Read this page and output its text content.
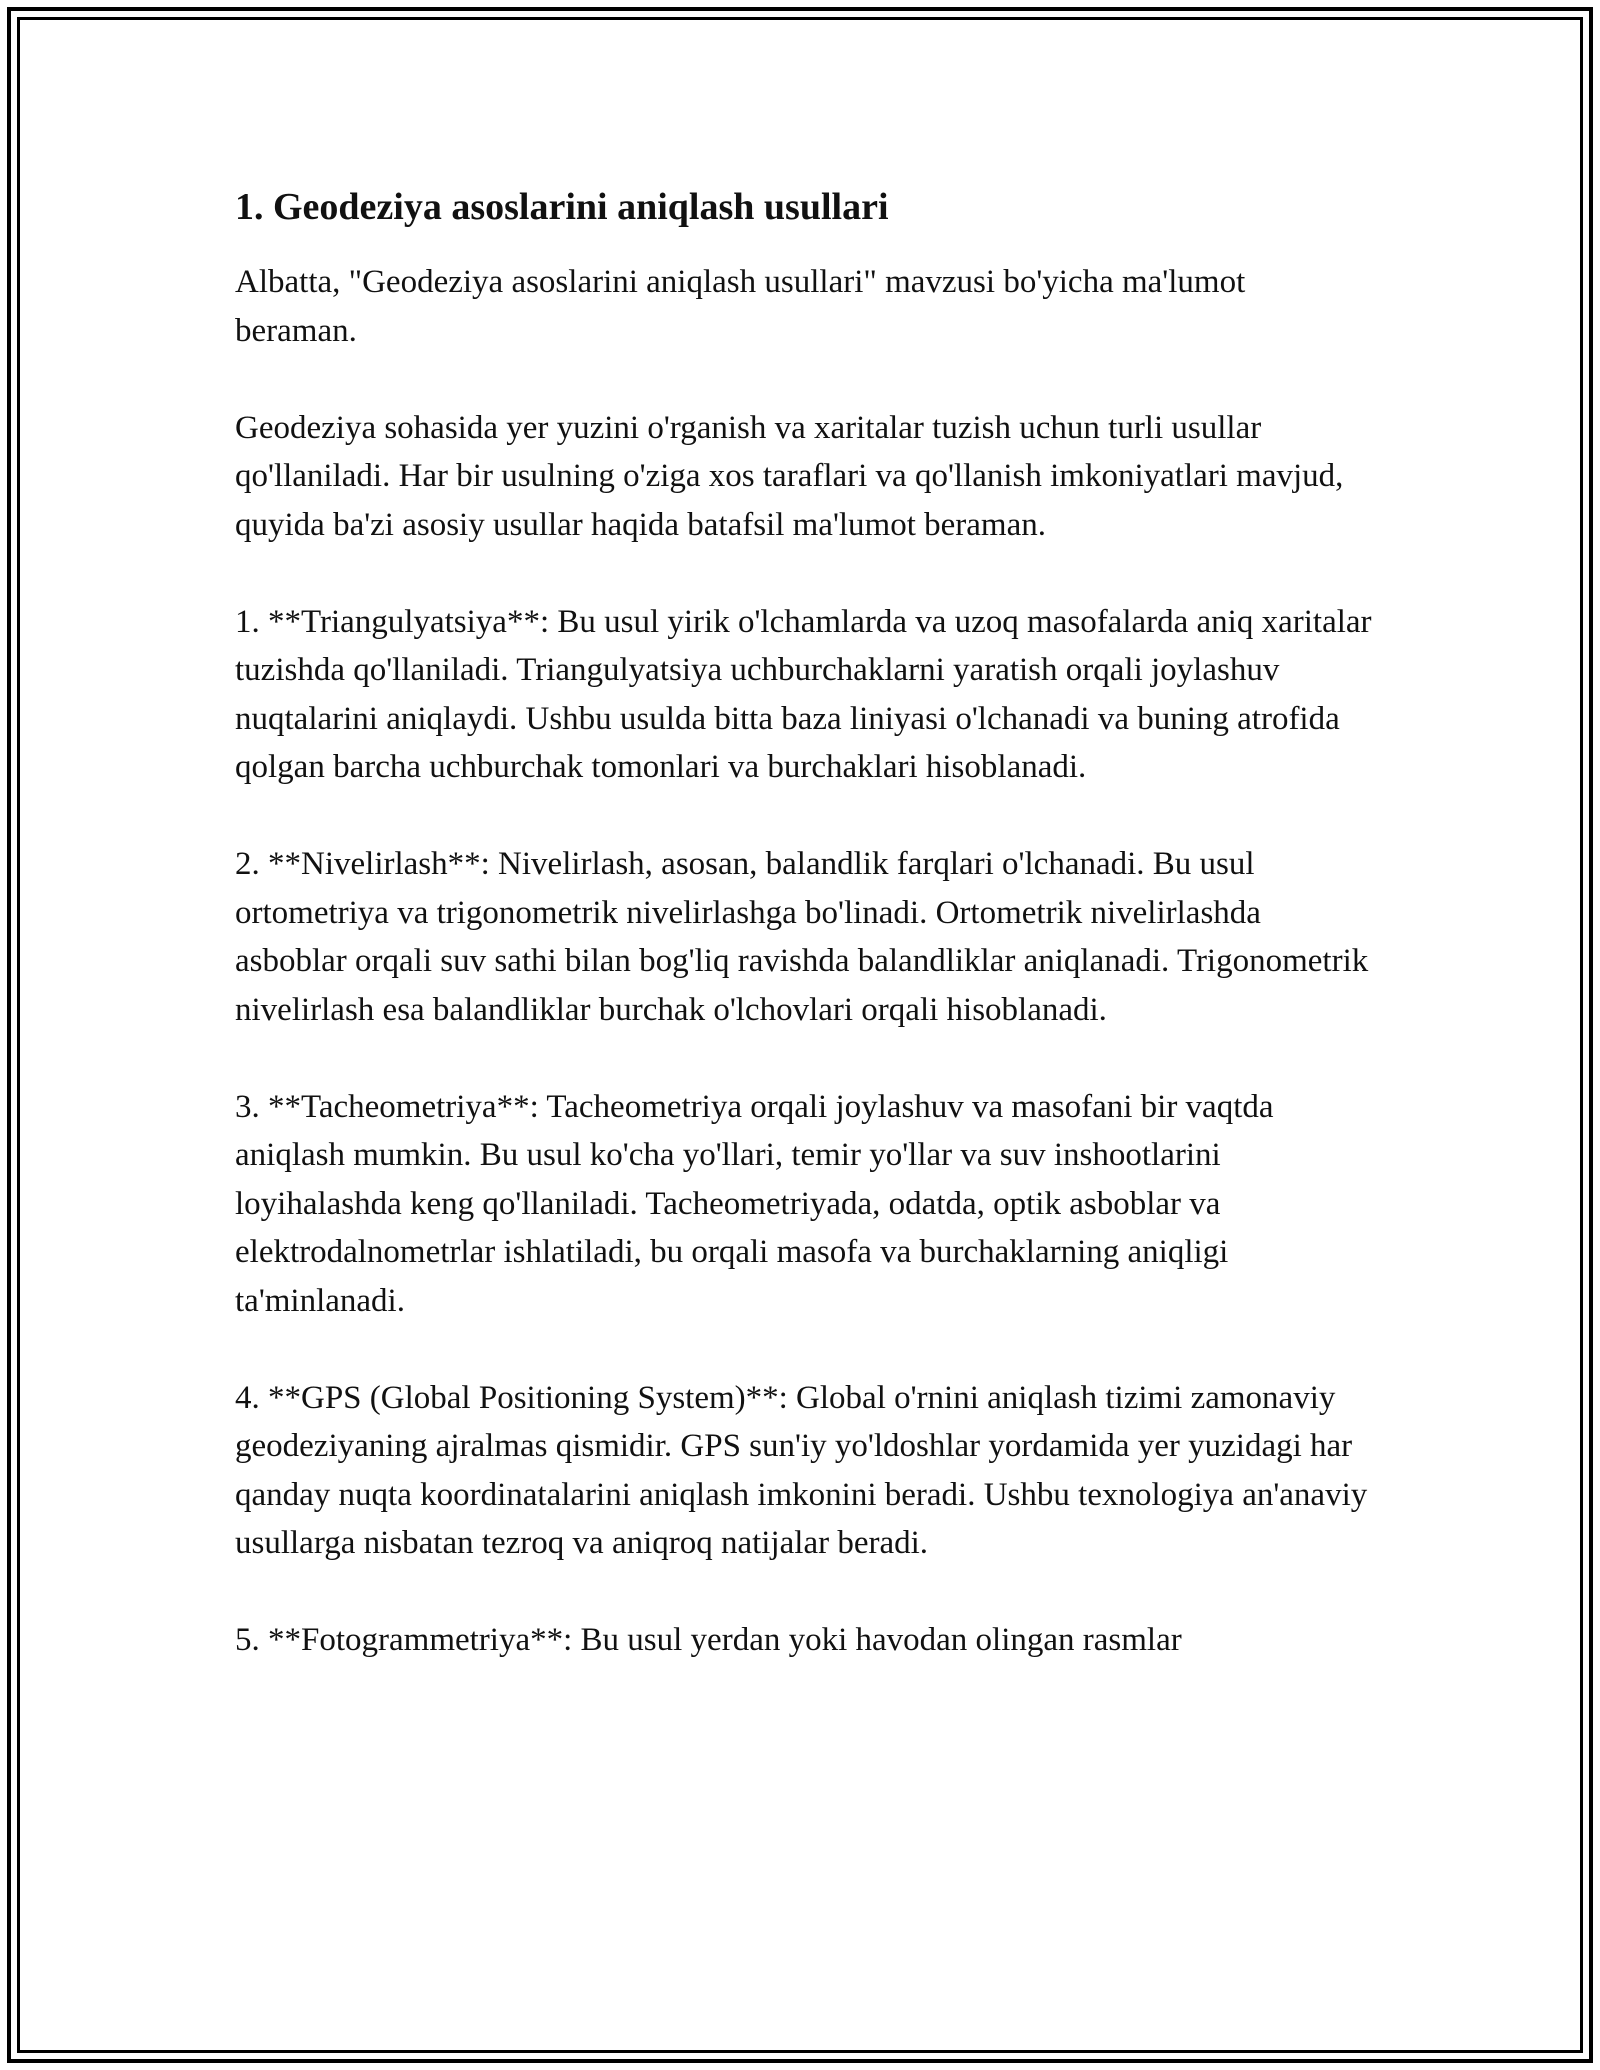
1. Geodeziya asoslarini aniqlash usullari

Albatta, "Geodeziya asoslarini aniqlash usullari" mavzusi bo'yicha ma'lumot beraman.

Geodeziya sohasida yer yuzini o'rganish va xaritalar tuzish uchun turli usullar qo'llaniladi. Har bir usulning o'ziga xos taraflari va qo'llanish imkoniyatlari mavjud, quyida ba'zi asosiy usullar haqida batafsil ma'lumot beraman.

1. **Triangulyatsiya**: Bu usul yirik o'lchamlarda va uzoq masofalarda aniq xaritalar tuzishda qo'llaniladi. Triangulyatsiya uchburchaklarni yaratish orqali joylashuv nuqtalarini aniqlaydi. Ushbu usulda bitta baza liniyasi o'lchanadi va buning atrofida qolgan barcha uchburchak tomonlari va burchaklari hisoblanadi.

2. **Nivelirlash**: Nivelirlash, asosan, balandlik farqlari o'lchanadi. Bu usul ortometriya va trigonometrik nivelirlashga bo'linadi. Ortometrik nivelirlashda asboblar orqali suv sathi bilan bog'liq ravishda balandliklar aniqlanadi. Trigonometrik nivelirlash esa balandliklar burchak o'lchovlari orqali hisoblanadi.

3. **Tacheometriya**: Tacheometriya orqali joylashuv va masofani bir vaqtda aniqlash mumkin. Bu usul ko'cha yo'llari, temir yo'llar va suv inshootlarini loyihalashda keng qo'llaniladi. Tacheometriyada, odatda, optik asboblar va elektrodalnometrlar ishlatiladi, bu orqali masofa va burchaklarning aniqligi ta'minlanadi.

4. **GPS (Global Positioning System)**: Global o'rnini aniqlash tizimi zamonaviy geodeziyaning ajralmas qismidir. GPS sun'iy yo'ldoshlar yordamida yer yuzidagi har qanday nuqta koordinatalarini aniqlash imkonini beradi. Ushbu texnologiya an'anaviy usullarga nisbatan tezroq va aniqroq natijalar beradi.

5. **Fotogrammetriya**: Bu usul yerdan yoki havodan olingan rasmlar
